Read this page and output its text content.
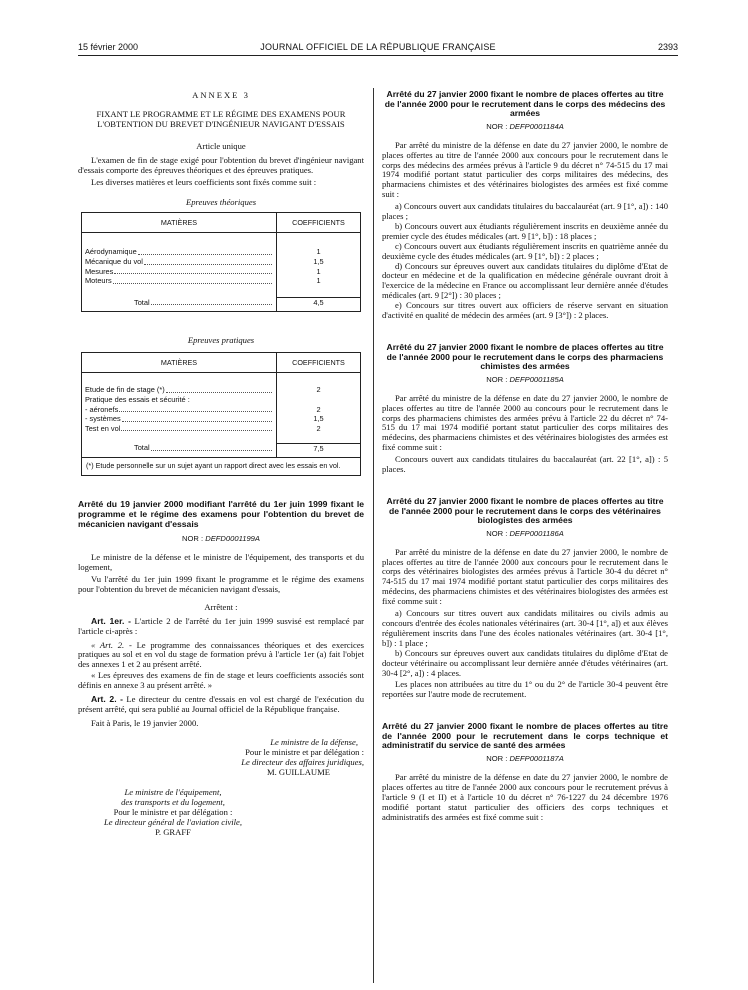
15 février 2000	JOURNAL OFFICIEL DE LA RÉPUBLIQUE FRANÇAISE	2393

ANNEXE 3

FIXANT LE PROGRAMME ET LE RÉGIME DES EXAMENS POUR L'OBTENTION DU BREVET D'INGÉNIEUR NAVIGANT D'ESSAIS

Article unique

L'examen de fin de stage exigé pour l'obtention du brevet d'ingénieur navigant d'essais comporte des épreuves théoriques et des épreuves pratiques.

Les diverses matières et leurs coefficients sont fixés comme suit :

Epreuves théoriques

MATIÈRES	COEFFICIENTS

Aérodynamique	1

Mécanique du vol	1,5

Mesures	1

Moteurs	1

Total	4,5

Epreuves pratiques

MATIÈRES	COEFFICIENTS

Etude de fin de stage (*)	2
Pratique des essais et sécurité :	

- aéronefs	2

- systèmes	1,5

Test en vol	2

Total	7,5
(*) Etude personnelle sur un sujet ayant un rapport direct avec les essais en vol.

Arrêté du 19 janvier 2000 modifiant l'arrêté du 1er juin 1999 fixant le programme et le régime des examens pour l'obtention du brevet de mécanicien navigant d'essais

NOR : DEFD0001199A

Le ministre de la défense et le ministre de l'équipement, des transports et du logement,

Vu l'arrêté du 1er juin 1999 fixant le programme et le régime des examens pour l'obtention du brevet de mécanicien navigant d'essais,

Arrêtent :

Art. 1er. - L'article 2 de l'arrêté du 1er juin 1999 susvisé est remplacé par l'article ci-après :

« Art. 2. - Le programme des connaissances théoriques et des exercices pratiques au sol et en vol du stage de formation prévu à l'article 1er (a) fait l'objet des annexes 1 et 2 au présent arrêté.

« Les épreuves des examens de fin de stage et leurs coefficients associés sont définis en annexe 3 au présent arrêté. »

Art. 2. - Le directeur du centre d'essais en vol est chargé de l'exécution du présent arrêté, qui sera publié au Journal officiel de la République française.

Fait à Paris, le 19 janvier 2000.

Le ministre de la défense,

Pour le ministre et par délégation :

Le directeur des affaires juridiques,

M. GUILLAUME

Le ministre de l'équipement,

des transports et du logement,

Pour le ministre et par délégation :

Le directeur général de l'aviation civile,

P. GRAFF

Arrêté du 27 janvier 2000 fixant le nombre de places offertes au titre de l'année 2000 pour le recrutement dans le corps des médecins des armées

NOR : DEFP0001184A

Par arrêté du ministre de la défense en date du 27 janvier 2000, le nombre de places offertes au titre de l'année 2000 aux concours pour le recrutement dans le corps des médecins des armées prévus à l'article 9 du décret n° 74-515 du 17 mai 1974 modifié portant statut particulier des corps militaires des médecins, des pharmaciens chimistes et des vétérinaires biologistes des armées est fixé comme suit :

a) Concours ouvert aux candidats titulaires du baccalauréat (art. 9 [1°, a]) : 140 places ;

b) Concours ouvert aux étudiants régulièrement inscrits en deuxième année du premier cycle des études médicales (art. 9 [1°, b]) : 18 places ;

c) Concours ouvert aux étudiants régulièrement inscrits en quatrième année du deuxième cycle des études médicales (art. 9 [1°, b]) : 2 places ;

d) Concours sur épreuves ouvert aux candidats titulaires du diplôme d'Etat de docteur en médecine et de la qualification en médecine générale ouvrant droit à l'exercice de la médecine en France ou accomplissant leur dernière année d'études médicales (art. 9 [2°]) : 30 places ;

e) Concours sur titres ouvert aux officiers de réserve servant en situation d'activité en qualité de médecin des armées (art. 9 [3°]) : 2 places.

Arrêté du 27 janvier 2000 fixant le nombre de places offertes au titre de l'année 2000 pour le recrutement dans le corps des pharmaciens chimistes des armées

NOR : DEFP0001185A

Par arrêté du ministre de la défense en date du 27 janvier 2000, le nombre de places offertes au titre de l'année 2000 au concours pour le recrutement dans le corps des pharmaciens chimistes des armées prévu à l'article 22 du décret n° 74-515 du 17 mai 1974 modifié portant statut particulier des corps militaires des médecins, des pharmaciens chimistes et des vétérinaires biologistes des armées est fixé comme suit :

Concours ouvert aux candidats titulaires du baccalauréat (art. 22 [1°, a]) : 5 places.

Arrêté du 27 janvier 2000 fixant le nombre de places offertes au titre de l'année 2000 pour le recrutement dans le corps des vétérinaires biologistes des armées

NOR : DEFP0001186A

Par arrêté du ministre de la défense en date du 27 janvier 2000, le nombre de places offertes au titre de l'année 2000 aux concours pour le recrutement dans le corps des vétérinaires biologistes des armées prévus à l'article 30-4 du décret n° 74-515 du 17 mai 1974 modifié portant statut particulier des corps militaires des médecins, des pharmaciens chimistes et des vétérinaires biologistes des armées est fixé comme suit :

a) Concours sur titres ouvert aux candidats militaires ou civils admis au concours d'entrée des écoles nationales vétérinaires (art. 30-4 [1°, a]) et aux élèves régulièrement inscrits dans l'une des écoles nationales vétérinaires (art. 30-4 [1°, b]) : 1 place ;

b) Concours sur épreuves ouvert aux candidats titulaires du diplôme d'Etat de docteur vétérinaire ou accomplissant leur dernière année d'études vétérinaires (art. 30-4 [2°, a]) : 4 places.

Les places non attribuées au titre du 1° ou du 2° de l'article 30-4 peuvent être reportées sur l'autre mode de recrutement.

Arrêté du 27 janvier 2000 fixant le nombre de places offertes au titre de l'année 2000 pour le recrutement dans le corps technique et administratif du service de santé des armées

NOR : DEFP0001187A

Par arrêté du ministre de la défense en date du 27 janvier 2000, le nombre de places offertes au titre de l'année 2000 aux concours pour le recrutement prévus à l'article 9 (I et II) et à l'article 10 du décret n° 76-1227 du 24 décembre 1976 modifié portant statut particulier des officiers des corps techniques et administratifs des armées est fixé comme suit :
